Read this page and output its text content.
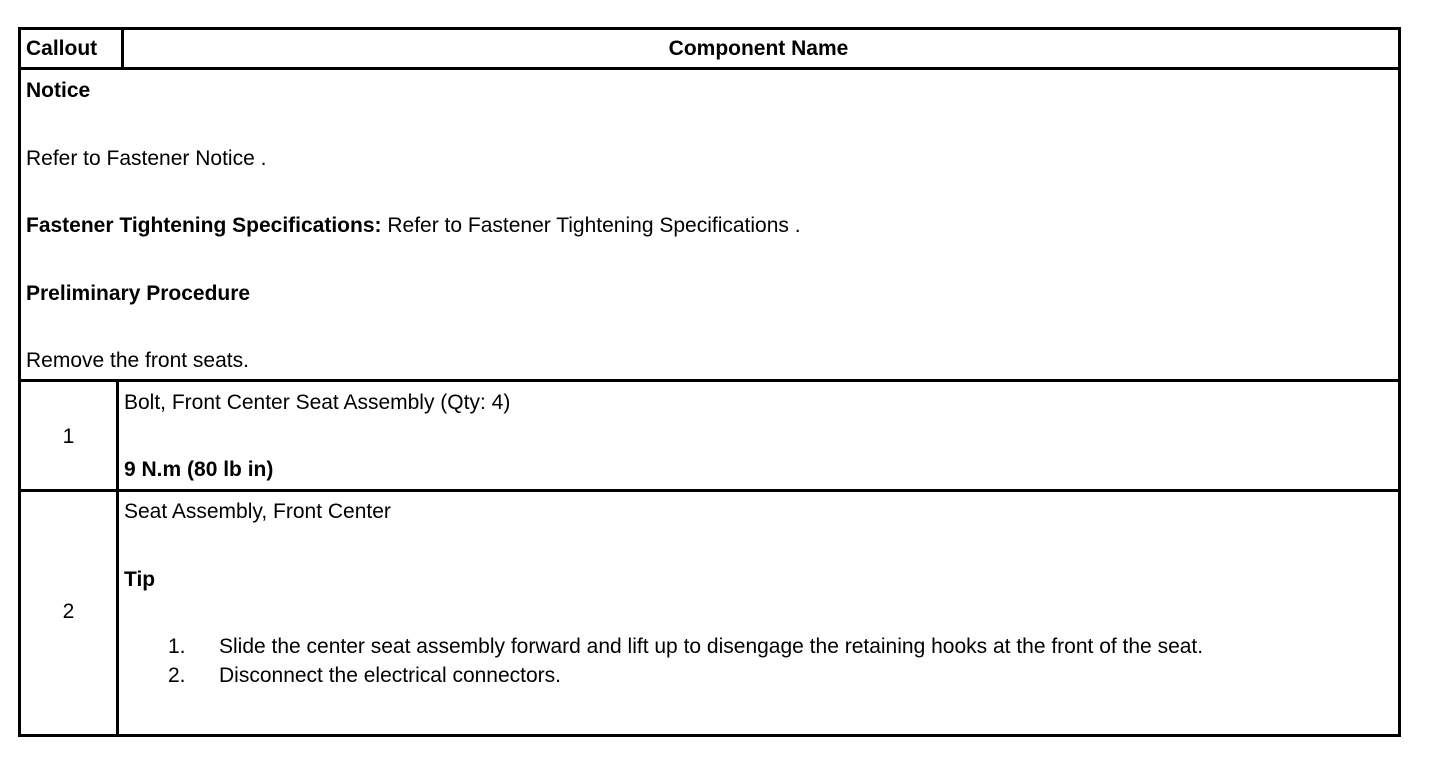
Callout	Component Name
Notice
Refer to Fastener Notice .
Fastener Tightening Specifications: Refer to Fastener Tightening Specifications .
Preliminary Procedure
Remove the front seats.
1
Bolt, Front Center Seat Assembly (Qty: 4)
9 N.m (80 lb in)
2
Seat Assembly, Front Center
Tip
1. Slide the center seat assembly forward and lift up to disengage the retaining hooks at the front of the seat.
2. Disconnect the electrical connectors.
